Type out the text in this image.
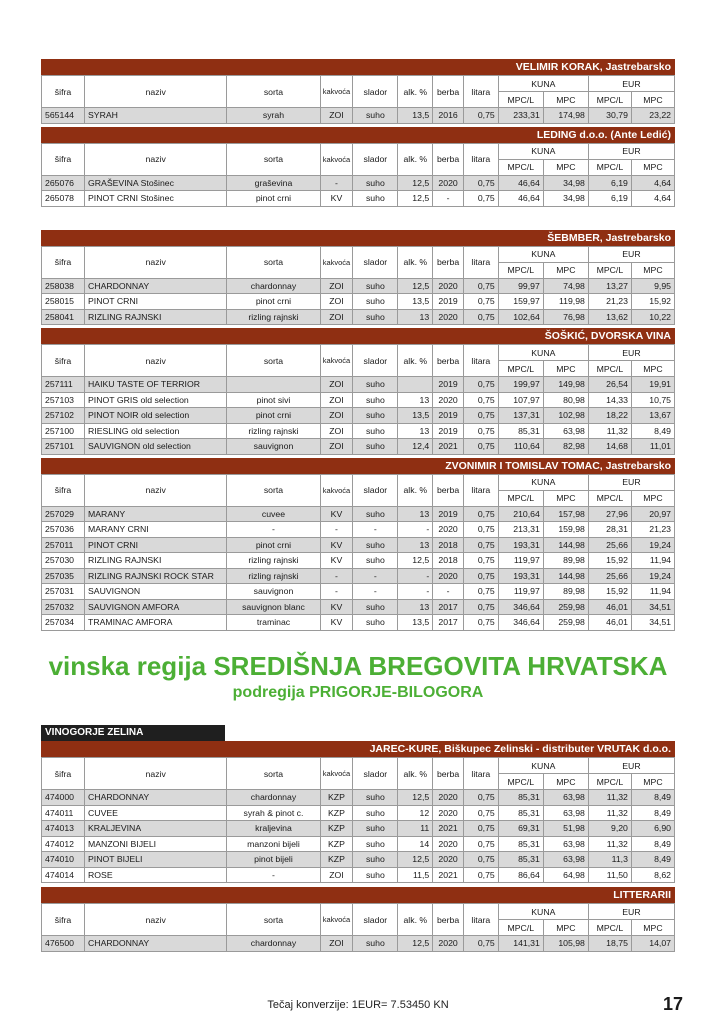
VELIMIR KORAK, Jastrebarsko
šifra	naziv	sorta	kakvoća	slador	alk. %	berba	litara	KUNA		EUR	
								MPC/L	MPC	MPC/L	MPC
565144	SYRAH	syrah	ZOI	suho	13,5	2016	0,75	233,31	174,98	30,79	23,22
LEDING d.o.o. (Ante Ledić)
šifra	naziv	sorta	kakvoća	slador	alk. %	berba	litara	KUNA		EUR	
								MPC/L	MPC	MPC/L	MPC
265076	GRAŠEVINA Stošinec	graševina	-	suho	12,5	2020	0,75	46,64	34,98	6,19	4,64
265078	PINOT CRNI Stošinec	pinot crni	KV	suho	12,5	-	0,75	46,64	34,98	6,19	4,64
ŠEBMBER, Jastrebarsko
šifra	naziv	sorta	kakvoća	slador	alk. %	berba	litara	KUNA		EUR	
								MPC/L	MPC	MPC/L	MPC
258038	CHARDONNAY	chardonnay	ZOI	suho	12,5	2020	0,75	99,97	74,98	13,27	9,95
258015	PINOT CRNI	pinot crni	ZOI	suho	13,5	2019	0,75	159,97	119,98	21,23	15,92
258041	RIZLING RAJNSKI	rizling rajnski	ZOI	suho	13	2020	0,75	102,64	76,98	13,62	10,22
ŠOŠKIĆ, DVORSKA VINA
šifra	naziv	sorta	kakvoća	slador	alk. %	berba	litara	KUNA		EUR	
								MPC/L	MPC	MPC/L	MPC
257111	HAIKU TASTE OF TERRIOR		ZOI	suho		2019	0,75	199,97	149,98	26,54	19,91
257103	PINOT GRIS old selection	pinot sivi	ZOI	suho	13	2020	0,75	107,97	80,98	14,33	10,75
257102	PINOT NOIR old selection	pinot crni	ZOI	suho	13,5	2019	0,75	137,31	102,98	18,22	13,67
257100	RIESLING old selection	rizling rajnski	ZOI	suho	13	2019	0,75	85,31	63,98	11,32	8,49
257101	SAUVIGNON old selection	sauvignon	ZOI	suho	12,4	2021	0,75	110,64	82,98	14,68	11,01
ZVONIMIR I TOMISLAV TOMAC, Jastrebarsko
šifra	naziv	sorta	kakvoća	slador	alk. %	berba	litara	KUNA		EUR	
								MPC/L	MPC	MPC/L	MPC
257029	MARANY	cuvee	KV	suho	13	2019	0,75	210,64	157,98	27,96	20,97
257036	MARANY CRNI	-	-	-	-	2020	0,75	213,31	159,98	28,31	21,23
257011	PINOT CRNI	pinot crni	KV	suho	13	2018	0,75	193,31	144,98	25,66	19,24
257030	RIZLING RAJNSKI	rizling rajnski	KV	suho	12,5	2018	0,75	119,97	89,98	15,92	11,94
257035	RIZLING RAJNSKI ROCK STAR	rizling rajnski	-	-	-	2020	0,75	193,31	144,98	25,66	19,24
257031	SAUVIGNON	sauvignon	-	-	-	-	0,75	119,97	89,98	15,92	11,94
257032	SAUVIGNON AMFORA	sauvignon blanc	KV	suho	13	2017	0,75	346,64	259,98	46,01	34,51
257034	TRAMINAC AMFORA	traminac	KV	suho	13,5	2017	0,75	346,64	259,98	46,01	34,51
vinska regija SREDIŠNJA BREGOVITA HRVATSKA
podregija PRIGORJE-BILOGORA
VINOGORJE ZELINA
JAREC-KURE, Biškupec Zelinski - distributer VRUTAK d.o.o.
šifra	naziv	sorta	kakvoća	slador	alk. %	berba	litara	KUNA		EUR	
								MPC/L	MPC	MPC/L	MPC
474000	CHARDONNAY	chardonnay	KZP	suho	12,5	2020	0,75	85,31	63,98	11,32	8,49
474011	CUVEE	syrah & pinot c.	KZP	suho	12	2020	0,75	85,31	63,98	11,32	8,49
474013	KRALJEVINA	kraljevina	KZP	suho	11	2021	0,75	69,31	51,98	9,20	6,90
474012	MANZONI BIJELI	manzoni bijeli	KZP	suho	14	2020	0,75	85,31	63,98	11,32	8,49
474010	PINOT BIJELI	pinot bijeli	KZP	suho	12,5	2020	0,75	85,31	63,98	11,3	8,49
474014	ROSE	-	ZOI	suho	11,5	2021	0,75	86,64	64,98	11,50	8,62
LITTERARII
šifra	naziv	sorta	kakvoća	slador	alk. %	berba	litara	KUNA		EUR	
								MPC/L	MPC	MPC/L	MPC
476500	CHARDONNAY	chardonnay	ZOI	suho	12,5	2020	0,75	141,31	105,98	18,75	14,07
Tečaj konverzije: 1EUR= 7.53450 KN	17
